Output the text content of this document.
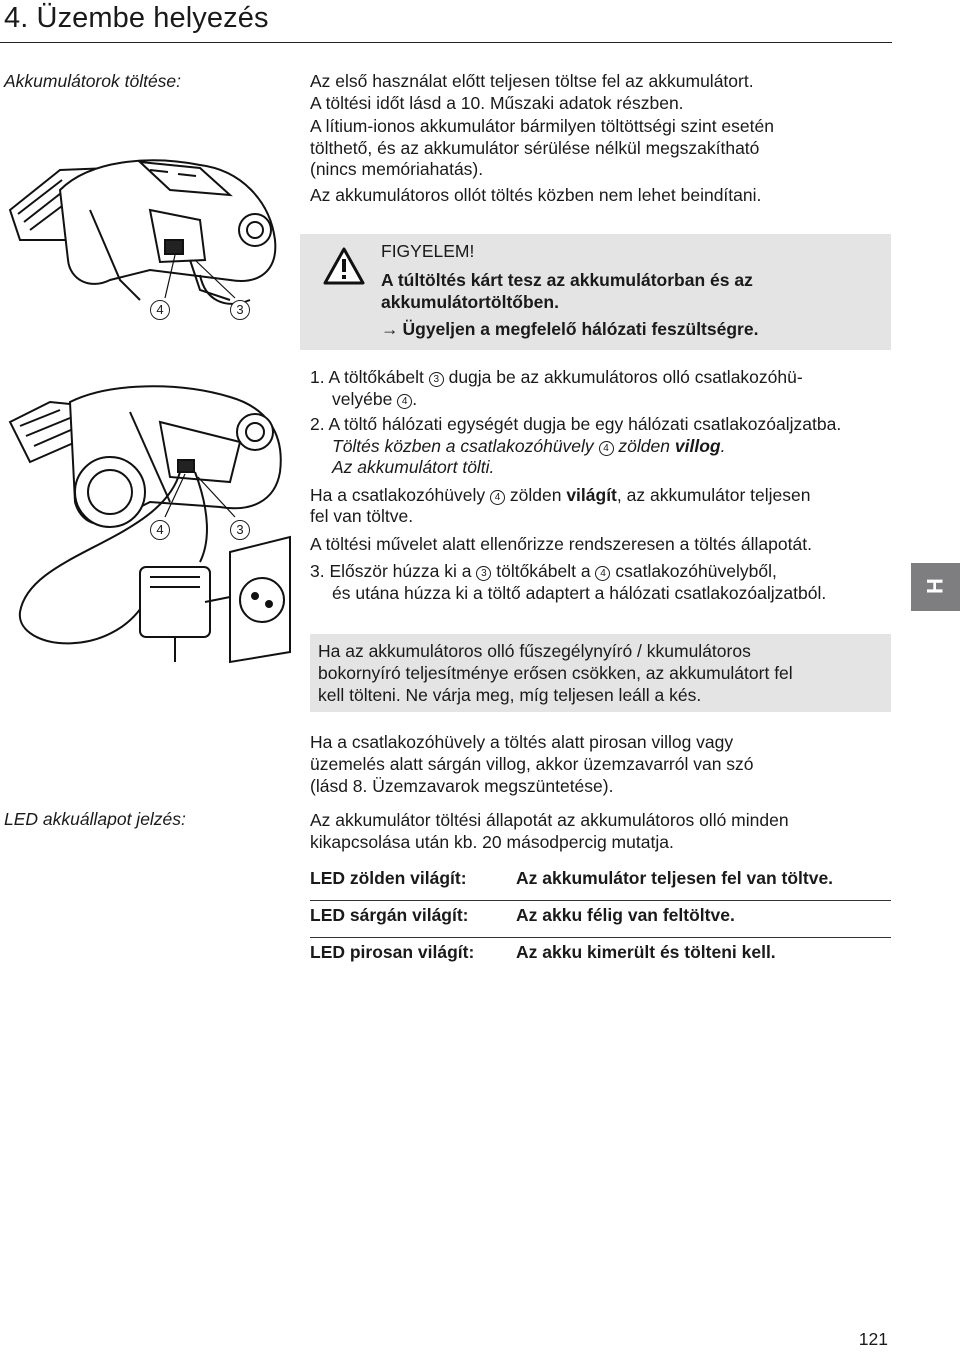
4. Üzembe helyezés
Akkumulátorok töltése:
4	3
4	3

Az első használat előtt teljesen töltse fel az akkumulátort.

A töltési időt lásd a 10. Műszaki adatok részben.

A lítium-ionos akkumulátor bármilyen töltöttségi szint esetén

tölthető, és az akkumulátor sérülése nélkül megszakítható

(nincs memóriahatás).

Az akkumulátoros ollót töltés közben nem lehet beindítani.

FIGYELEM!
A túltöltés kárt tesz az akkumulátorban és az
akkumulátortöltőben.
→ Ügyeljen a megfelelő hálózati feszültségre.

1. A töltőkábelt 3 dugja be az akkumulátoros olló csatlakozóhü-

velyébe 4 .

2. A töltő hálózati egységét dugja be egy hálózati csatlakozóaljzatba.

Töltés közben a csatlakozóhüvely 4 zölden villog.

Az akkumulátort tölti.

Ha a csatlakozóhüvely 4 zölden világít, az akkumulátor teljesen

fel van töltve.

A töltési művelet alatt ellenőrizze rendszeresen a töltés állapotát.

3. Először húzza ki a 3 töltőkábelt a 4 csatlakozóhüvelyből,

és utána húzza ki a töltő adaptert a hálózati csatlakozóaljzatból.	H
Ha az akkumulátoros olló fűszegélynyíró / kkumulátoros
bokornyíró teljesítménye erősen csökken, az akkumulátort fel
kell tölteni. Ne várja meg, míg teljesen leáll a kés.

Ha a csatlakozóhüvely a töltés alatt pirosan villog vagy

üzemelés alatt sárgán villog, akkor üzemzavarról van szó

(lásd 8. Üzemzavarok megszüntetése).

LED akkuállapot jelzés:	Az akkumulátor töltési állapotát az akkumulátoros olló minden

kikapcsolása után kb. 20 másodpercig mutatja.

LED zölden világít:	Az akkumulátor teljesen fel van töltve.
LED sárgán világít:	Az akku félig van feltöltve.
LED pirosan világít: Az akku kimerült és tölteni kell.
121
